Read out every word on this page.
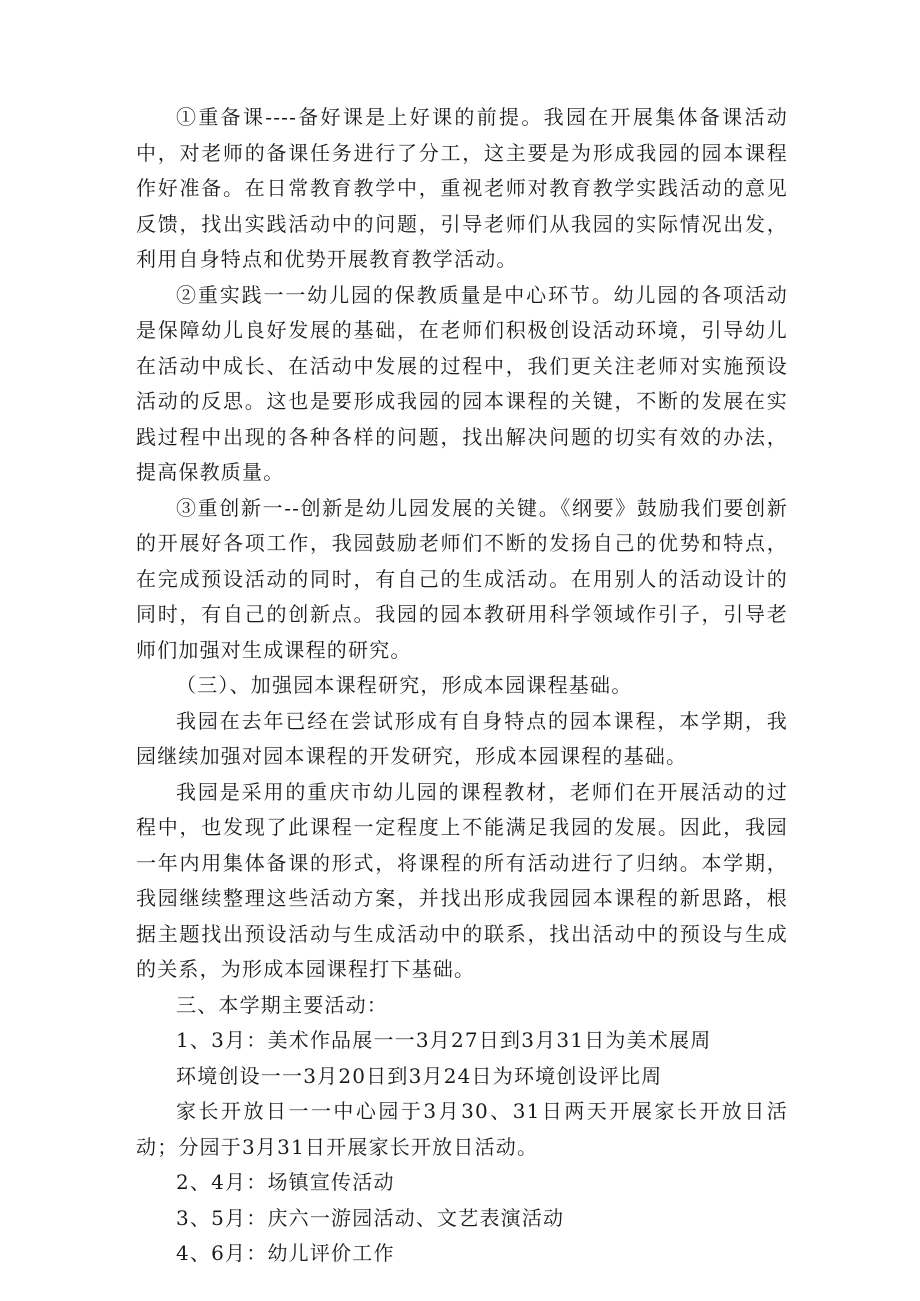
①重备课----备好课是上好课的前提。我园在开展集体备课活动中，对老师的备课任务进行了分工，这主要是为形成我园的园本课程作好准备。在日常教育教学中，重视老师对教育教学实践活动的意见反馈，找出实践活动中的问题，引导老师们从我园的实际情况出发，利用自身特点和优势开展教育教学活动。

②重实践一一幼儿园的保教质量是中心环节。幼儿园的各项活动是保障幼儿良好发展的基础，在老师们积极创设活动环境，引导幼儿在活动中成长、在活动中发展的过程中，我们更关注老师对实施预设活动的反思。这也是要形成我园的园本课程的关键，不断的发展在实践过程中出现的各种各样的问题，找出解决问题的切实有效的办法，提高保教质量。

③重创新一--创新是幼儿园发展的关键。《纲要》鼓励我们要创新的开展好各项工作，我园鼓励老师们不断的发扬自己的优势和特点，在完成预设活动的同时，有自己的生成活动。在用别人的活动设计的同时，有自己的创新点。我园的园本教研用科学领域作引子，引导老师们加强对生成课程的研究。

（三）、加强园本课程研究，形成本园课程基础。

我园在去年已经在尝试形成有自身特点的园本课程，本学期，我园继续加强对园本课程的开发研究，形成本园课程的基础。

我园是采用的重庆市幼儿园的课程教材，老师们在开展活动的过程中，也发现了此课程一定程度上不能满足我园的发展。因此，我园一年内用集体备课的形式，将课程的所有活动进行了归纳。本学期，我园继续整理这些活动方案，并找出形成我园园本课程的新思路，根据主题找出预设活动与生成活动中的联系，找出活动中的预设与生成的关系，为形成本园课程打下基础。

三、本学期主要活动：

1、3月：美术作品展一一3月27日到3月31日为美术展周

环境创设一一3月20日到3月24日为环境创设评比周

家长开放日一一中心园于3月30、31日两天开展家长开放日活动；分园于3月31日开展家长开放日活动。

2、4月：场镇宣传活动

3、5月：庆六一游园活动、文艺表演活动

4、6月：幼儿评价工作
